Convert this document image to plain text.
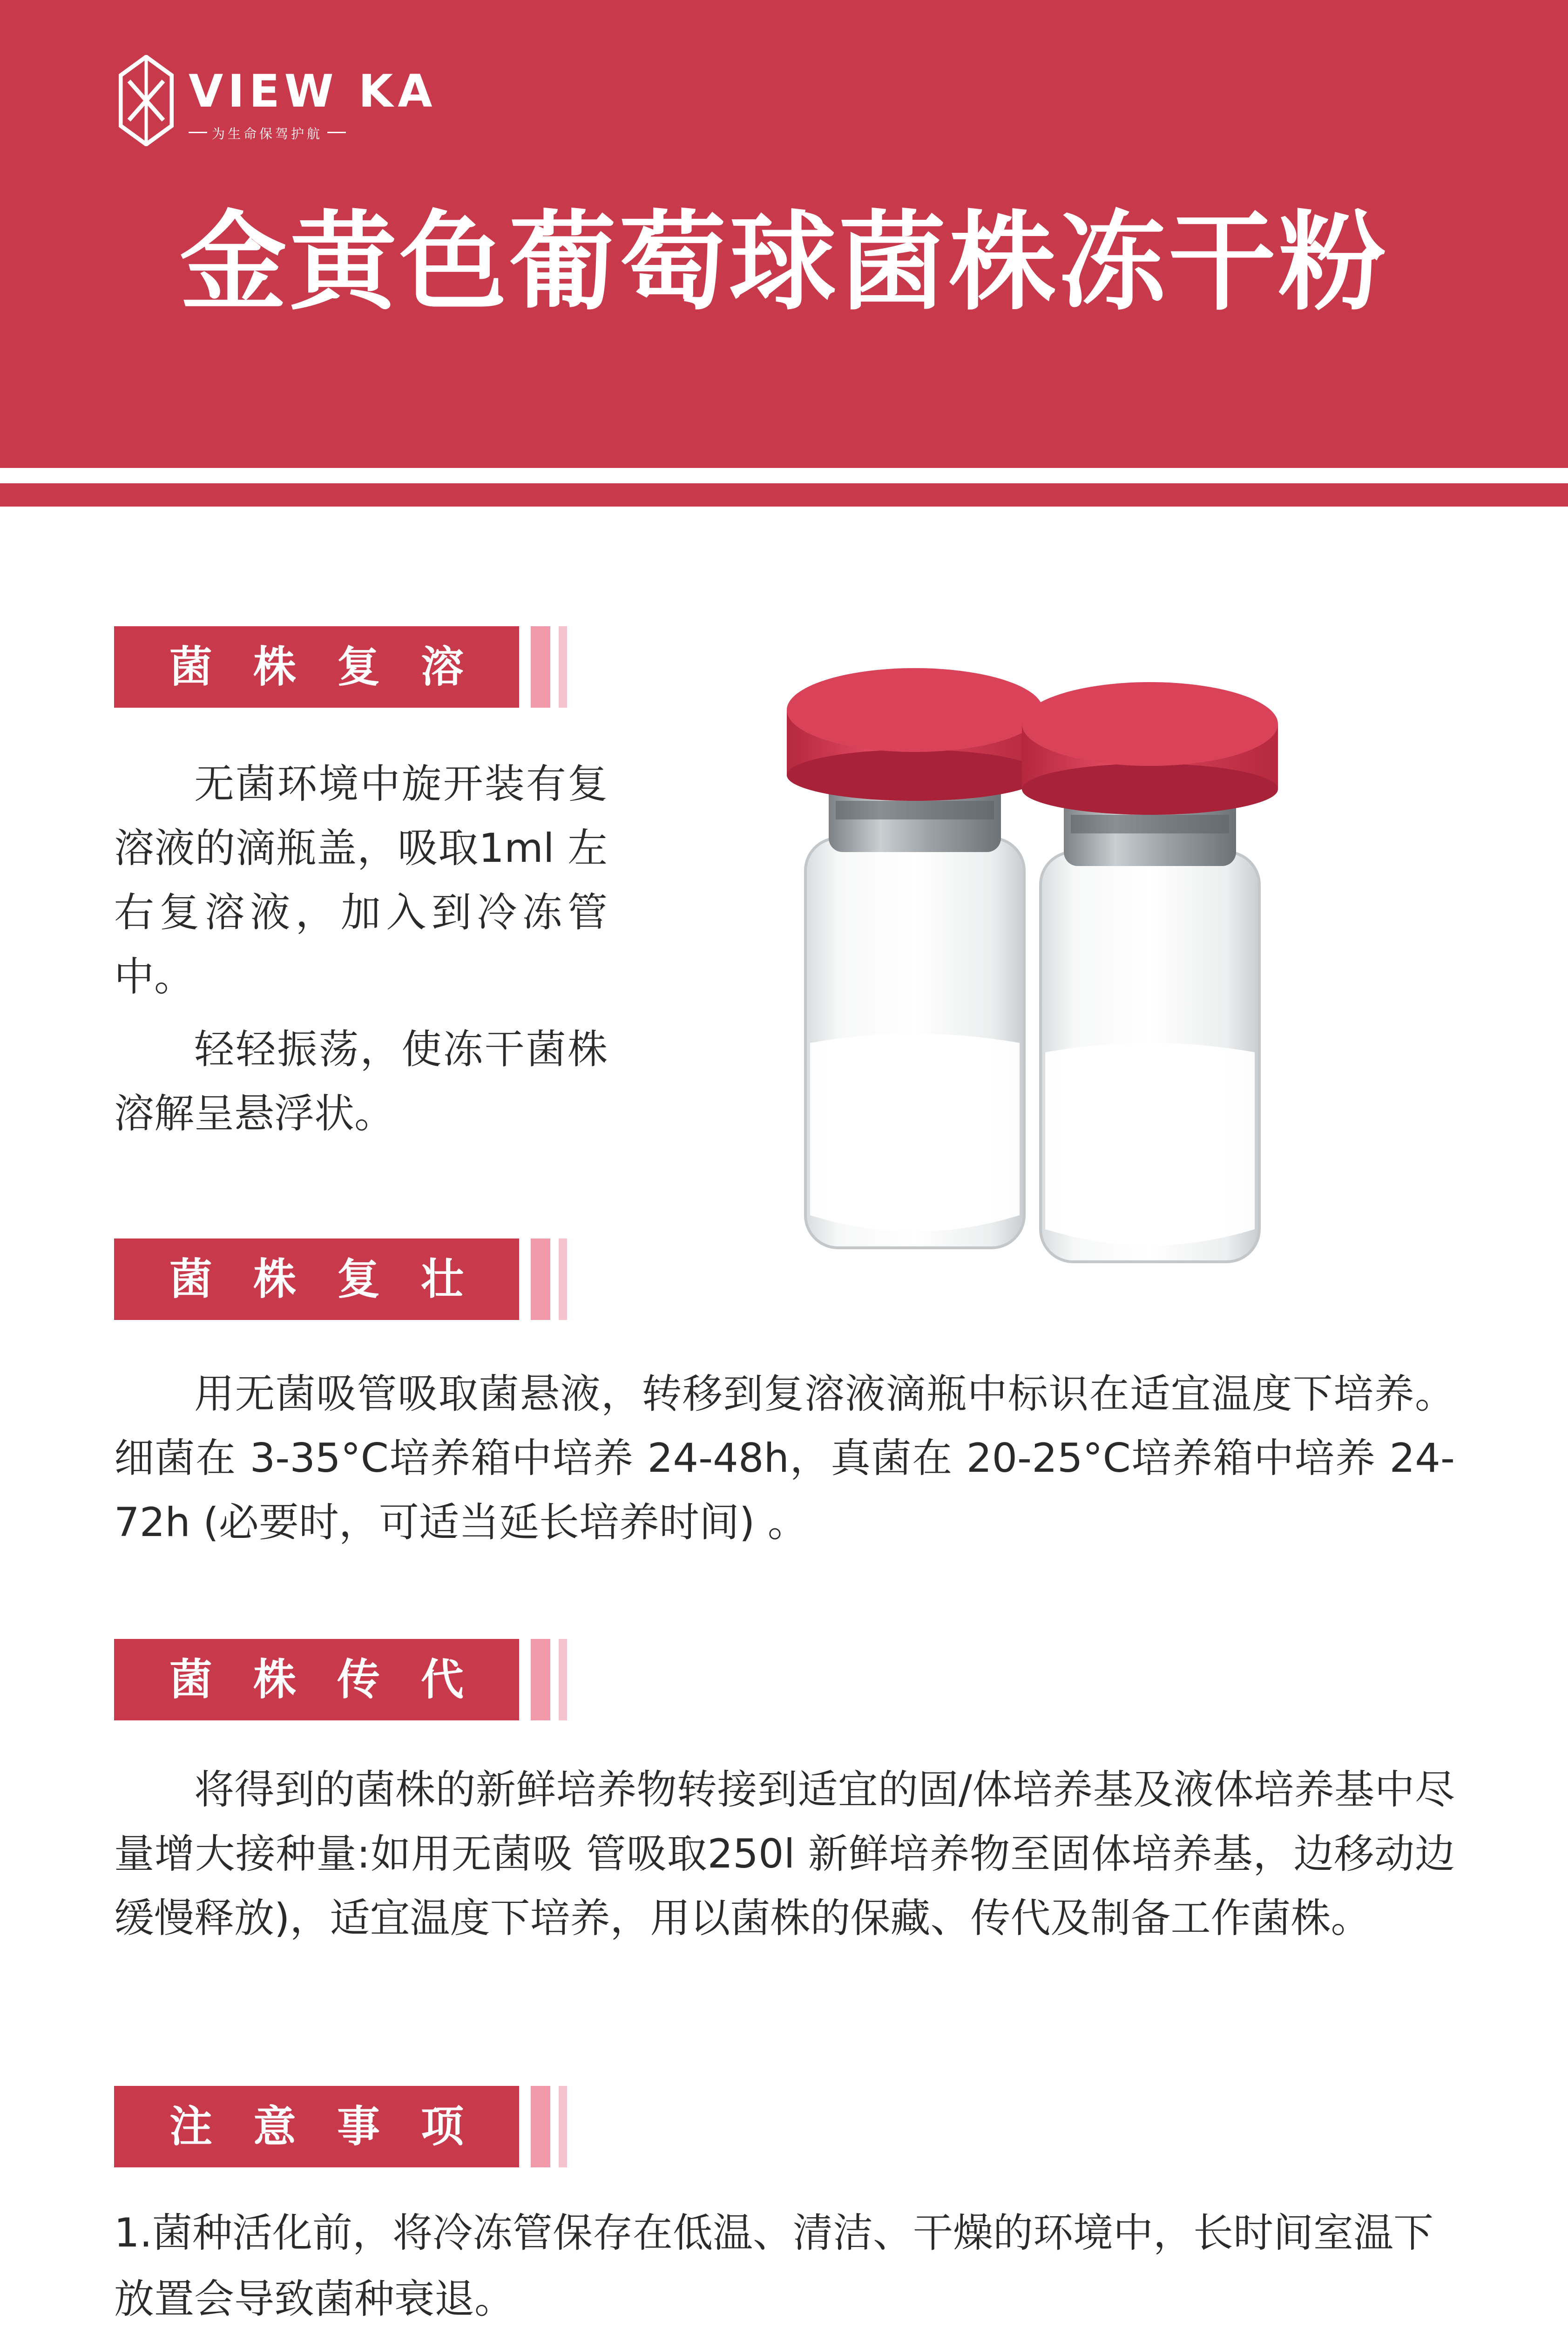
VIEW KA
为生命保驾护航
金黄色葡萄球菌株冻干粉
菌株复溶
无菌环境中旋开装有复溶液的滴瓶盖，吸取1ml 左右复溶液，加入到冷冻管中。
轻轻振荡，使冻干菌株溶解呈悬浮状。
菌株复壮
用无菌吸管吸取菌悬液，转移到复溶液滴瓶中标识在适宜温度下培养。细菌在 3-35°C培养箱中培养 24-48h，真菌在 20-25°C培养箱中培养 24-72h (必要时，可适当延长培养时间) 。
菌株传代
将得到的菌株的新鲜培养物转接到适宜的固/体培养基及液体培养基中尽量增大接种量:如用无菌吸 管吸取250l 新鲜培养物至固体培养基，边移动边缓慢释放)，适宜温度下培养，用以菌株的保藏、传代及制备工作菌株。
注意事项

1.菌种活化前，将冷冻管保存在低温、清洁、干燥的环境中，长时间室温下放置会导致菌种衰退。
